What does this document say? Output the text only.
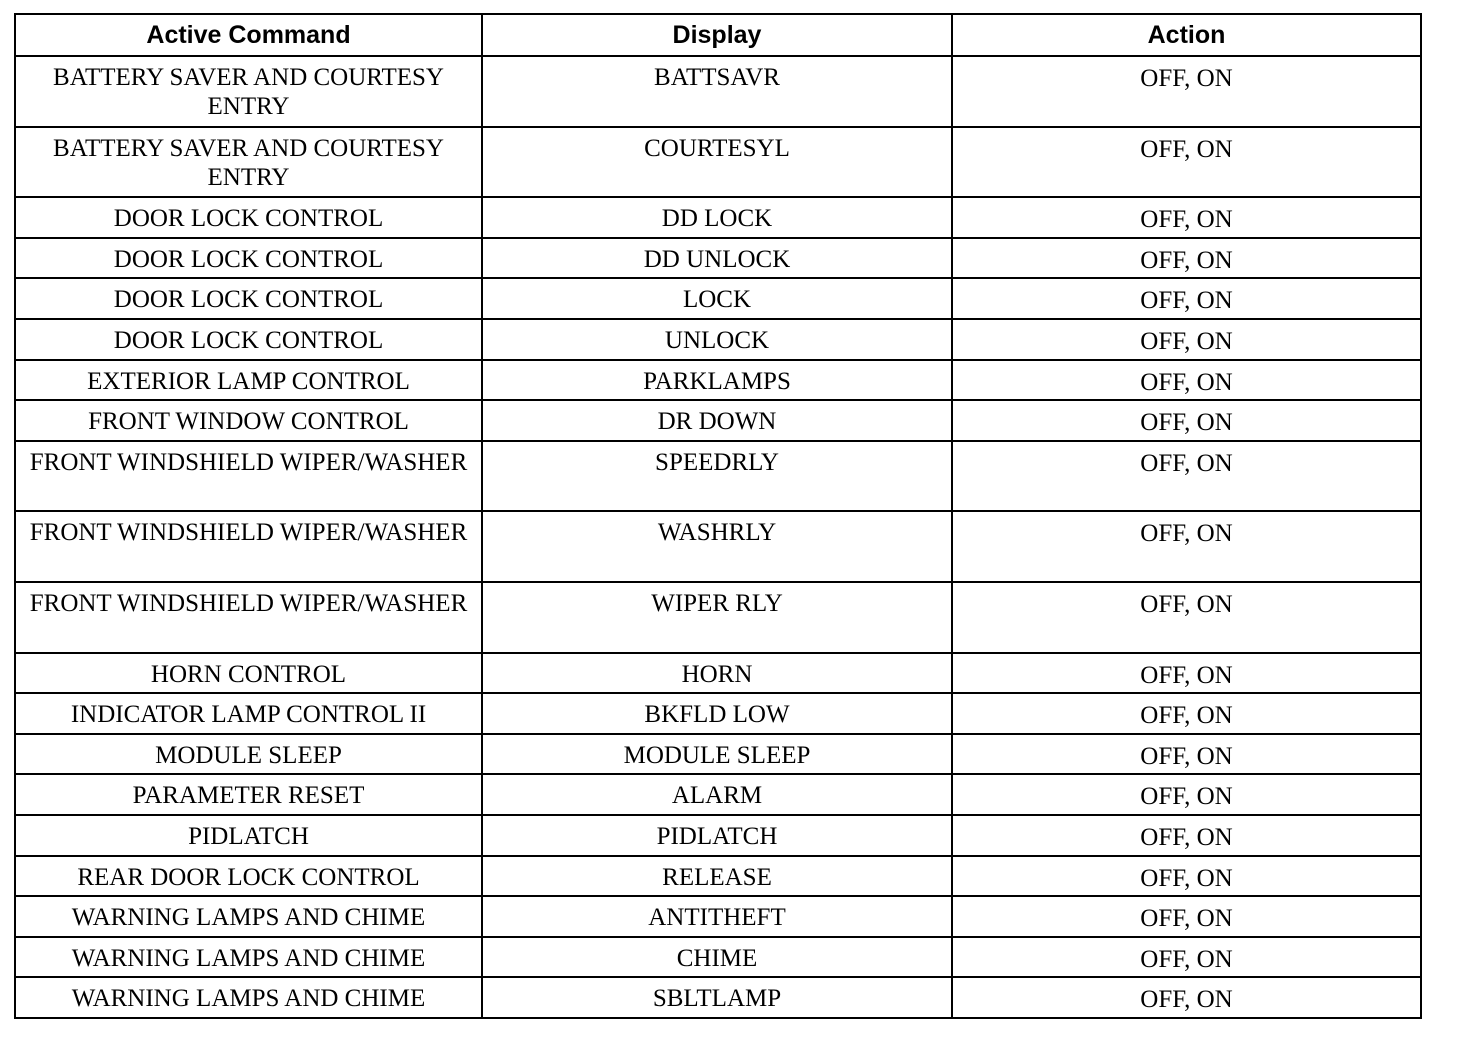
Active Command	Display	Action
BATTERY SAVER AND COURTESY ENTRY	BATTSAVR	OFF, ON
BATTERY SAVER AND COURTESY ENTRY	COURTESYL	OFF, ON
DOOR LOCK CONTROL	DD LOCK	OFF, ON
DOOR LOCK CONTROL	DD UNLOCK	OFF, ON
DOOR LOCK CONTROL	LOCK	OFF, ON
DOOR LOCK CONTROL	UNLOCK	OFF, ON
EXTERIOR LAMP CONTROL	PARKLAMPS	OFF, ON
FRONT WINDOW CONTROL	DR DOWN	OFF, ON
FRONT WINDSHIELD WIPER/WASHER	SPEEDRLY	OFF, ON
FRONT WINDSHIELD WIPER/WASHER	WASHRLY	OFF, ON
FRONT WINDSHIELD WIPER/WASHER	WIPER RLY	OFF, ON
HORN CONTROL	HORN	OFF, ON
INDICATOR LAMP CONTROL II	BKFLD LOW	OFF, ON
MODULE SLEEP	MODULE SLEEP	OFF, ON
PARAMETER RESET	ALARM	OFF, ON
PIDLATCH	PIDLATCH	OFF, ON
REAR DOOR LOCK CONTROL	RELEASE	OFF, ON
WARNING LAMPS AND CHIME	ANTITHEFT	OFF, ON
WARNING LAMPS AND CHIME	CHIME	OFF, ON
WARNING LAMPS AND CHIME	SBLTLAMP	OFF, ON
